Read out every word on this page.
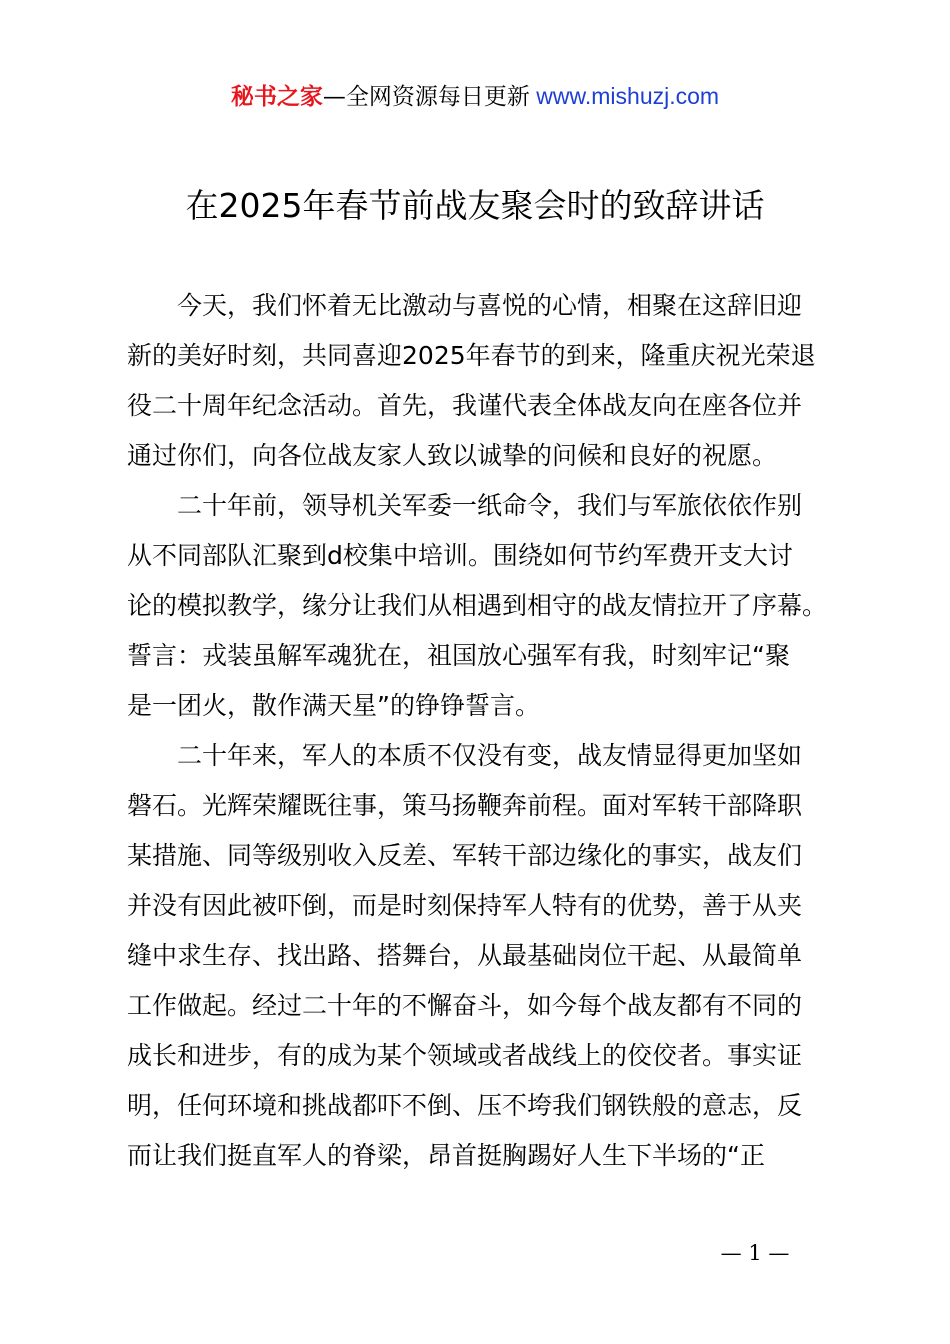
秘书之家—全网资源每日更新 www.mishuzj.com
在2025年春节前战友聚会时的致辞讲话
　　今天，我们怀着无比激动与喜悦的心情，相聚在这辞旧迎
新的美好时刻，共同喜迎2025年春节的到来，隆重庆祝光荣退
役二十周年纪念活动。首先，我谨代表全体战友向在座各位并
通过你们，向各位战友家人致以诚挚的问候和良好的祝愿。
　　二十年前，领导机关军委一纸命令，我们与军旅依依作别
从不同部队汇聚到d校集中培训。围绕如何节约军费开支大讨
论的模拟教学，缘分让我们从相遇到相守的战友情拉开了序幕。
誓言：戎装虽解军魂犹在，祖国放心强军有我，时刻牢记“聚
是一团火，散作满天星”的铮铮誓言。
　　二十年来，军人的本质不仅没有变，战友情显得更加坚如
磐石。光辉荣耀既往事，策马扬鞭奔前程。面对军转干部降职
某措施、同等级别收入反差、军转干部边缘化的事实，战友们
并没有因此被吓倒，而是时刻保持军人特有的优势，善于从夹
缝中求生存、找出路、搭舞台，从最基础岗位干起、从最简单
工作做起。经过二十年的不懈奋斗，如今每个战友都有不同的
成长和进步，有的成为某个领域或者战线上的佼佼者。事实证
明，任何环境和挑战都吓不倒、压不垮我们钢铁般的意志，反
而让我们挺直军人的脊梁，昂首挺胸踢好人生下半场的“正
— 1 —
